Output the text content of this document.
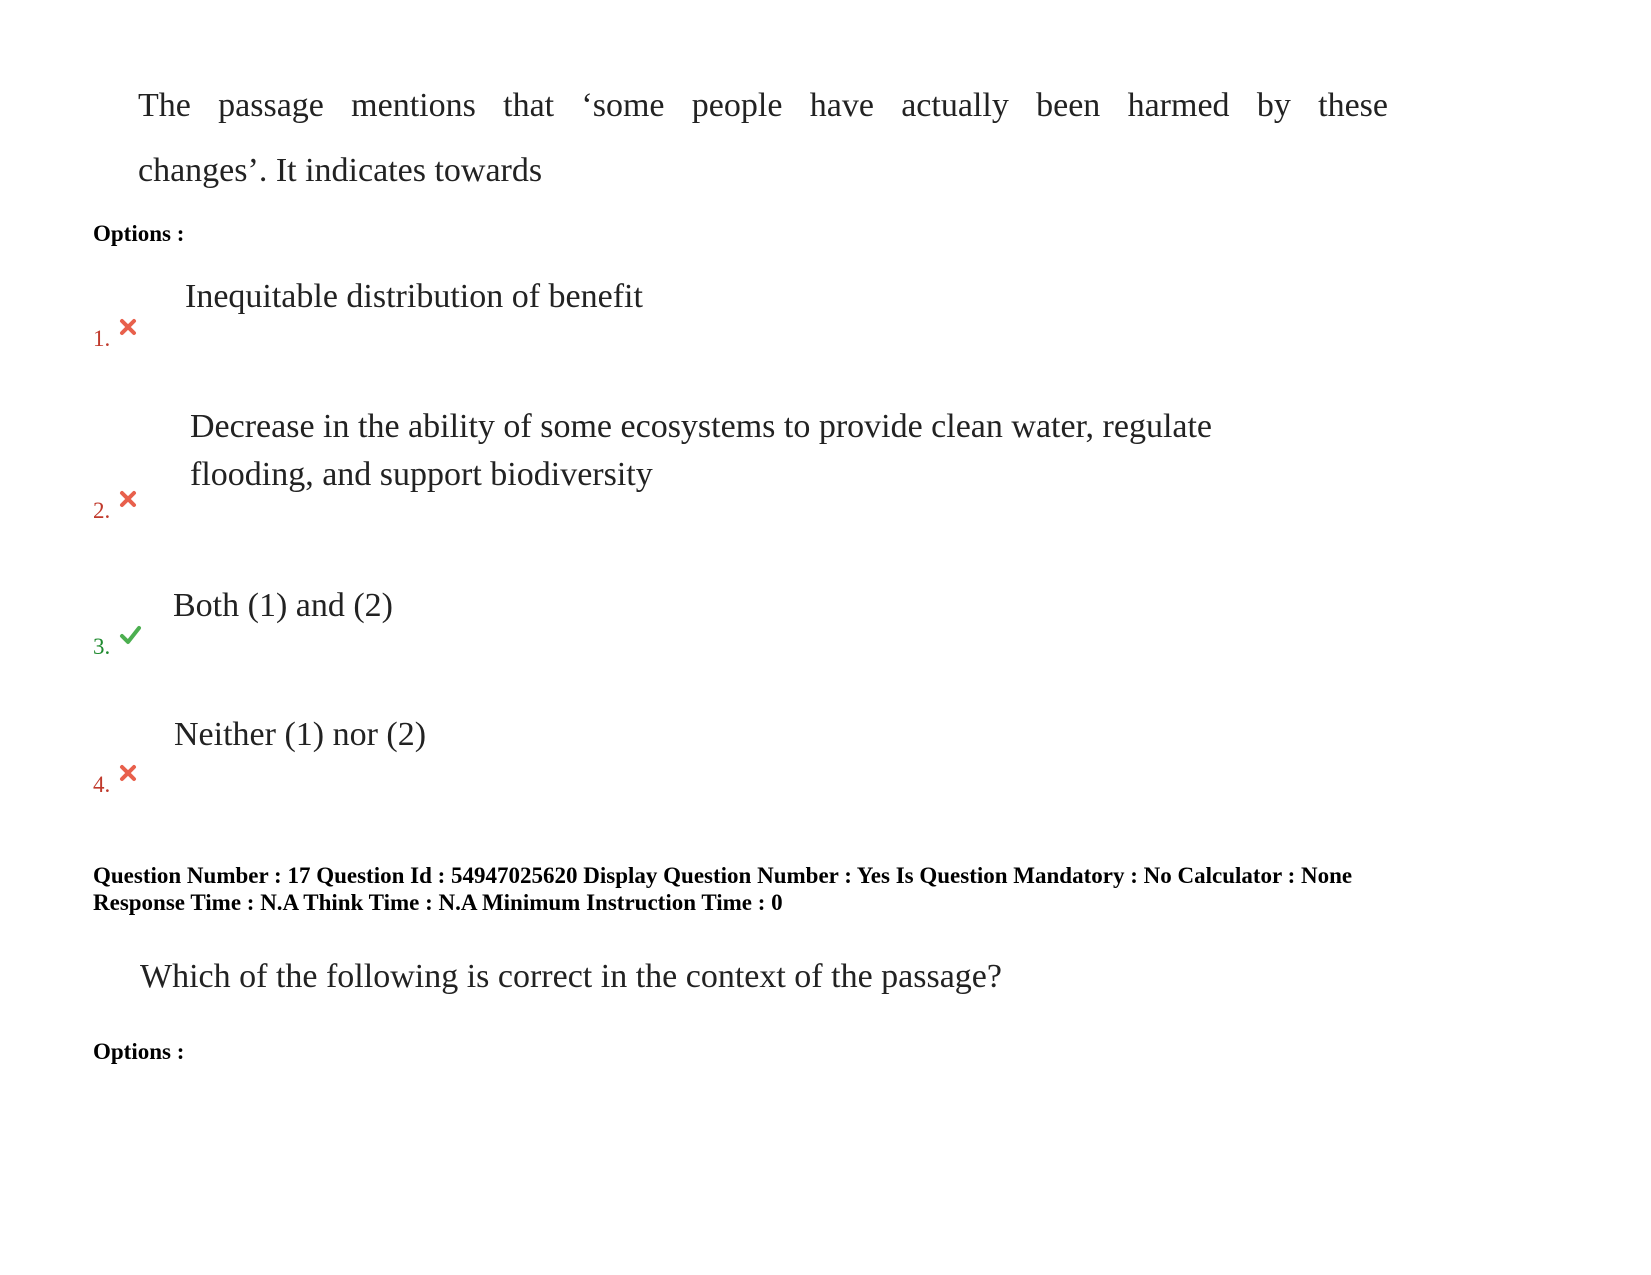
The passage mentions that ‘some people have actually been harmed by these
changes’. It indicates towards
Options :
Inequitable distribution of benefit
1.
Decrease in the ability of some ecosystems to provide clean water, regulate
flooding, and support biodiversity
2.
Both (1) and (2)
3.
Neither (1) nor (2)
4.
Question Number : 17 Question Id : 54947025620 Display Question Number : Yes Is Question Mandatory : No Calculator : None
Response Time : N.A Think Time : N.A Minimum Instruction Time : 0
Which of the following is correct in the context of the passage?
Options :
